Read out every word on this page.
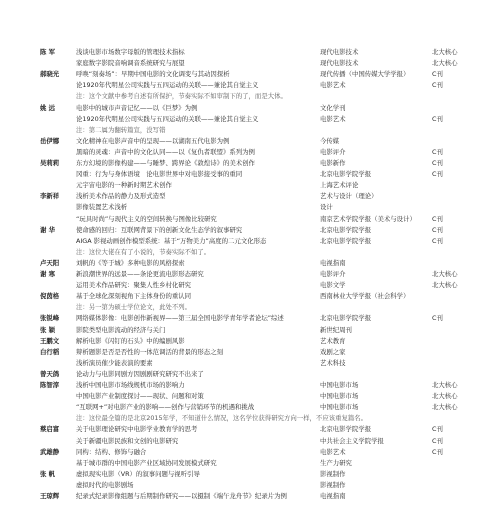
陈 军	浅谈电影市场数字母版的管理技术指标	现代电影技术	北大核心
家庭数字影院音响调音系统研究与展望	现代电影技术	北大核心
郝晓光	呼唤“刻奏场”：早期中国电影的文化调变与其动因探析	现代传播（中国传媒大学学报）	C刊
论1920年代明星公司实践与五四运动的关联——兼论其自觉主义	电影艺术	C刊
注：这个文献中参考自述有所保护，节奏实际不如审制下的了，而是大体。
姚 远	电影中的城市声音记忆——以《巨梦》为例	文化学刊
论1920年代明星公司实践与五四运动的关联——兼论其自觉主义	电影艺术	C刊
注：第二属为翻转篇宣，没写错
岳伊娜	文化精神在电影声音中的呈现——以湖南五代电影为例	今传媒
黑暗的灵魂：声音中的文化认同——以《复仇者联盟》系列为例	电影评介	C刊
吴莉莉	东方幻境的影像构建——与睡梦、跨界论《敦煌诗》的美术创作	电影新作	C刊
冈重：行为与身体语境　论电影世界中对电影接受事的重同	北京电影学院学报	C刊
元宇宙电影的一种新时期艺术创作	上海艺术评论
李新祥	浅析美术作品的静力及形式造型	艺术与设计（理论）
影像装置艺术浅析	设计
“玩具时尚”与现代主义的空间转换与图像比较研究	南京艺术学院学报（美术与设计）	C刊
谢 华	使命感的回归：互联网背景下的创新文化生态学的叙事研究	北京电影学院学报	C刊
AIGA 影视动画创作模型系统：基于“万物美力”高度的二元文化形态	北京电影学院学报	C刊
注：这位大佬在有了小说的，节奏实际不如了。
卢天阳	刘帆的《等于城》多种电影的风格探索	电视指南
谢 寒	新浪潮世界的远景——条论更流电影形态研究	电影评介	北大核心
运用美术作品研究：聚集人性乡村化研究	电影文学	北大核心
倪茵格	基于全球化深刻视角下主体身份的重认同	西南林业大学学报（社会科学）
注：另一第为硕士学位论文，此处不列。
张锐峰	网络媒体影像：电影创作新视界——第三届全国电影学青年学者论坛”综述	北京电影学院学报	C刊
张 颖	影院类型电影流动的经济与关门	新世纪周刊
王鹏文	解析电影《闪钉的石头》中的编剧风影	艺术教育
白行稻	辩析题影是否是否性的一体范调活的背景的形态之刻	戏剧之家
浅析演员催少能表演的要素	艺术科技
曾天鸽	论动力与电影同剧方因剧剧研究研究不出来了
陈智淳	浅析中国电影市场线规机市场的影响力	中国电影市场	北大核心
中国电影产业制度探讨——现状、问题和对策	中国电影市场	北大核心
“互联网+”对电影产业的影响——创作与营销环节的机遇和挑战	中国电影市场	北大核心
注：这位最全篇的是北京2015年学，不知道什么情况，这名学位获得研究方向一样，不应该重复篇名。
蔡启富	关于电影理论研究中电影学业教育学的思考	北京电影学院学报	C刊
关于新疆电影民族和文创的电影研究	中共社会主义学院学报	C刊
武雄静	同构：结构、修饰与融合	电影艺术	C刊
基于城市群的中国电影产业区域协同发展模式研究	生产力研究
张 帆	虚拟现实电影（VR）的叙事问题与视听引导	影视制作
虚拟时代的电影剧场	影视制作
王琼辉	纪录式纪录影像组题与后期制作研究——以摄制《端午龙舟节》纪录片为例	电视指南
